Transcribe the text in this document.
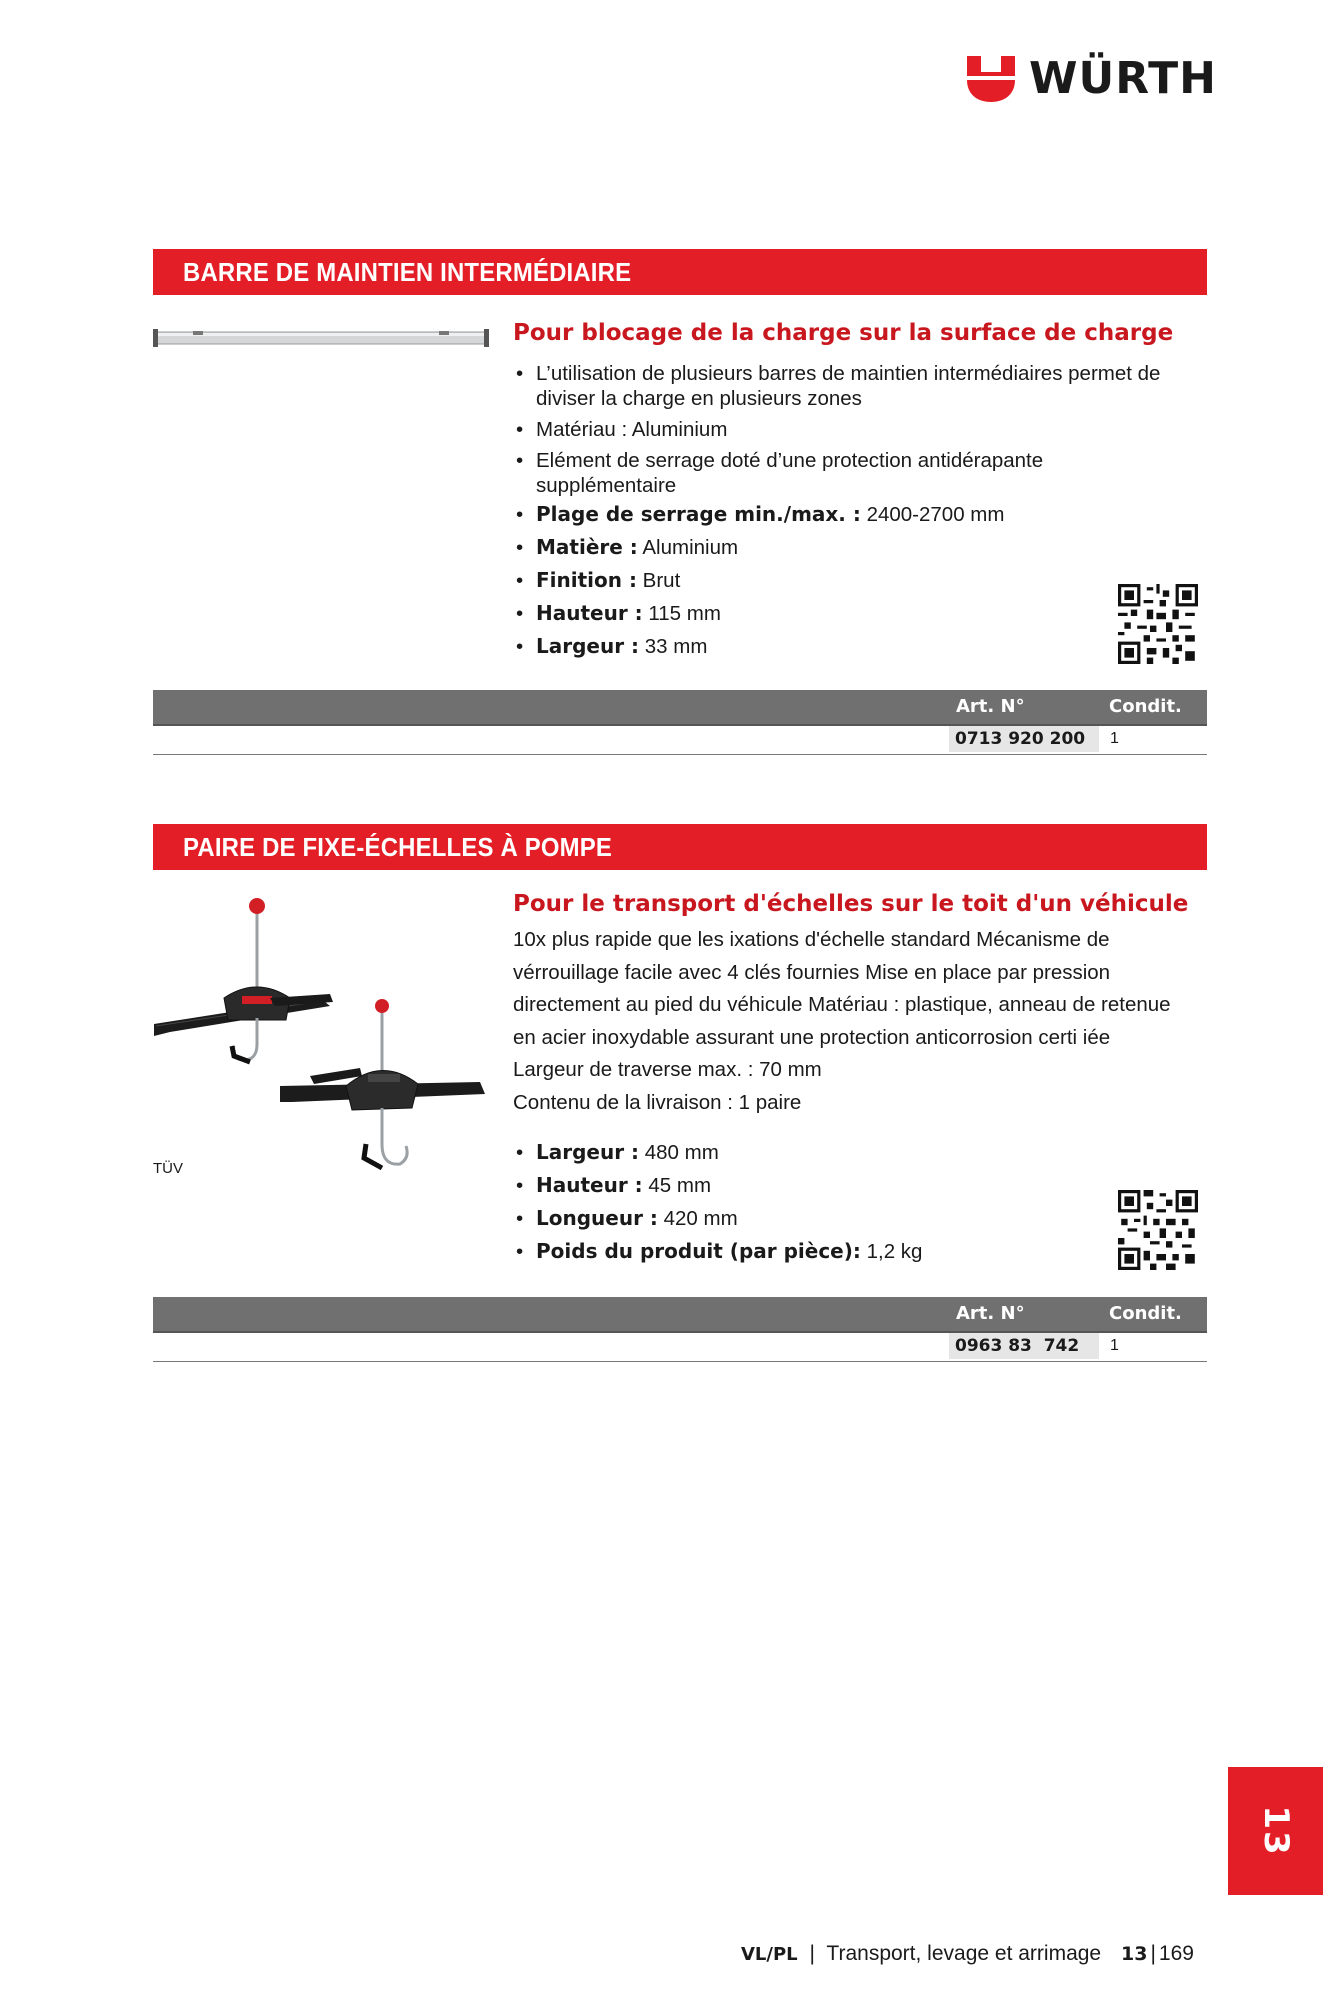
WÜRTH
BARRE DE MAINTIEN INTERMÉDIAIRE
Pour blocage de la charge sur la surface de charge
• L’utilisation de plusieurs barres de maintien intermédiaires permet de diviser la charge en plusieurs zones
• Matériau : Aluminium
• Elément de serrage doté d’une protection antidérapante supplémentaire
• Plage de serrage min./max. : 2400-2700 mm
• Matière : Aluminium
• Finition : Brut
• Hauteur : 115 mm
• Largeur : 33 mm
Art. N°	Condit.
0713 920 200 1
PAIRE DE FIXE-ÉCHELLES À POMPE
TÜV
Pour le transport d'échelles sur le toit d'un véhicule
10x plus rapide que les ixations d'échelle standard Mécanisme de
vérrouillage facile avec 4 clés fournies Mise en place par pression
directement au pied du véhicule Matériau : plastique, anneau de retenue
en acier inoxydable assurant une protection anticorrosion certi iée
Largeur de traverse max. : 70 mm
Contenu de la livraison : 1 paire
• Largeur : 480 mm
• Hauteur : 45 mm
• Longueur : 420 mm
• Poids du produit (par pièce): 1,2 kg
Art. N°	Condit.
0963 83  742 1
13
VL/PL | Transport, levage et arrimage 13 | 169
